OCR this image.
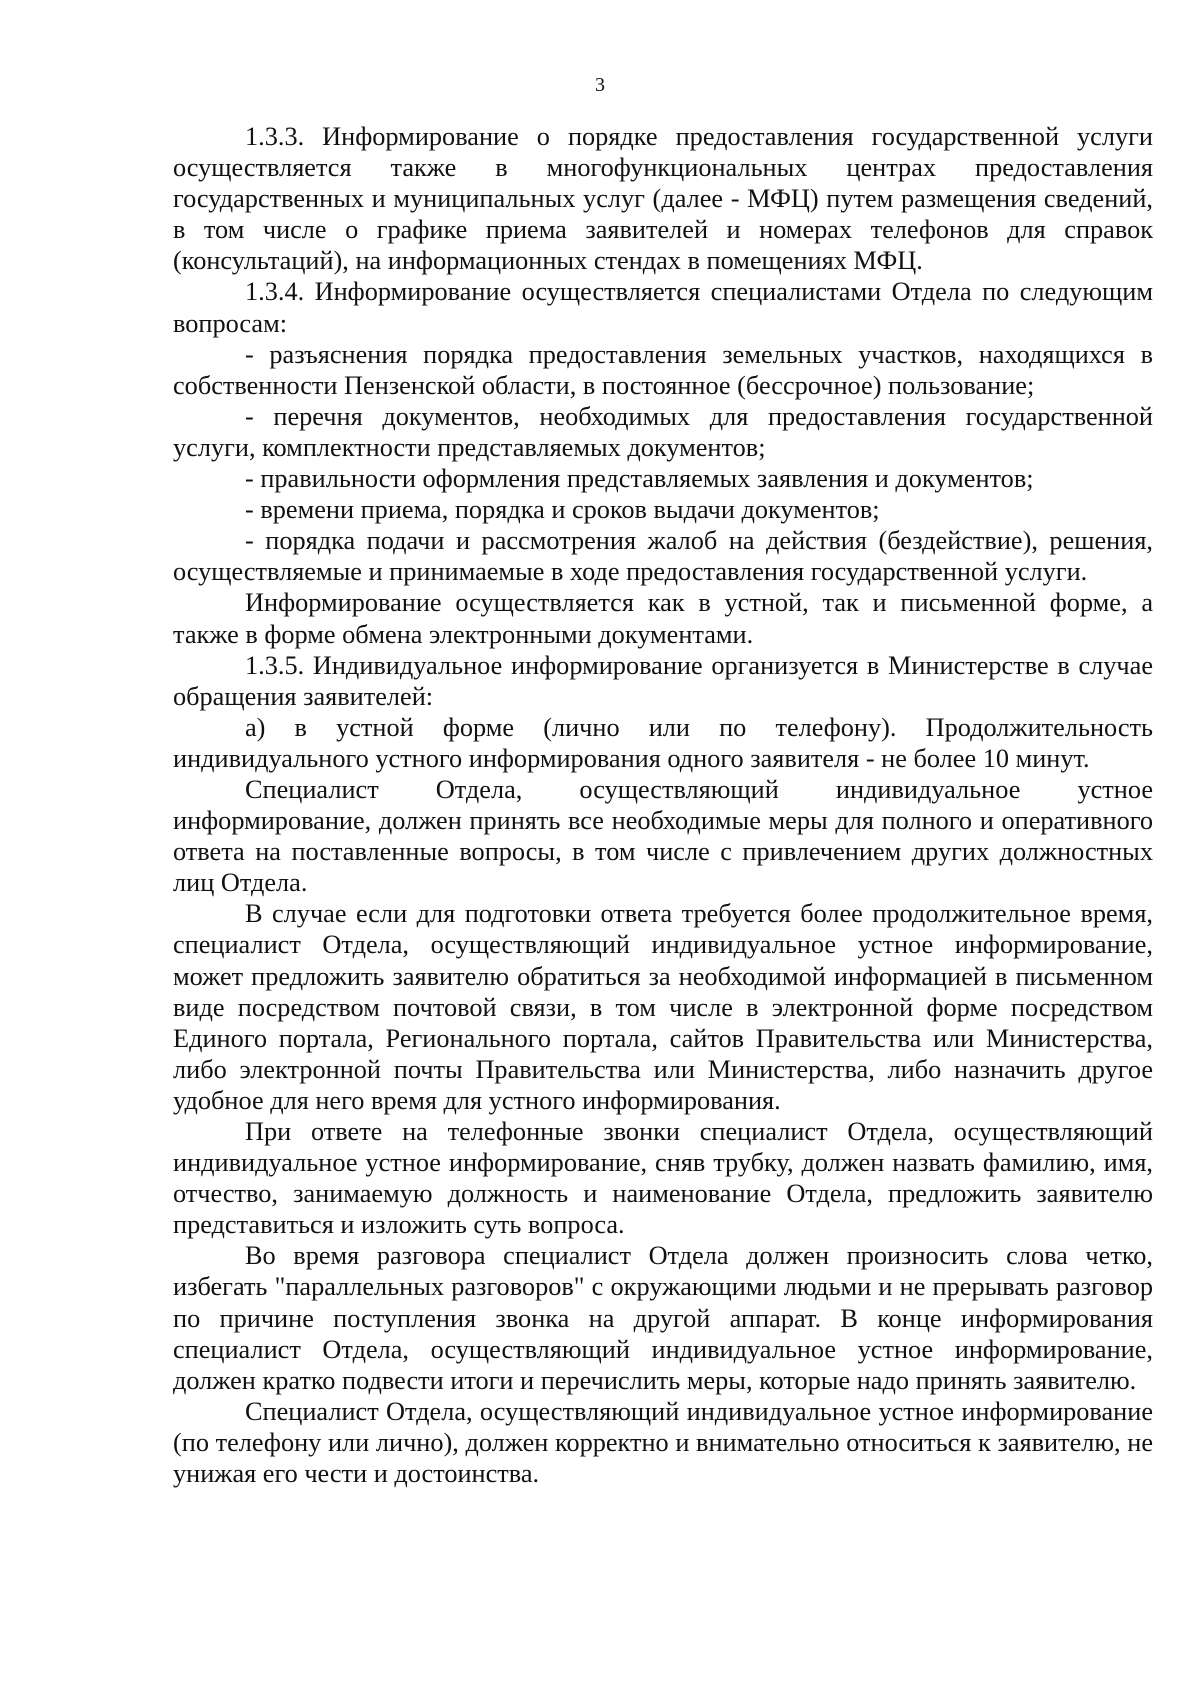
3

1.3.3. Информирование о порядке предоставления государственной услуги осуществляется также в многофункциональных центрах предоставления государственных и муниципальных услуг (далее - МФЦ) путем размещения сведений, в том числе о графике приема заявителей и номерах телефонов для справок (консультаций), на информационных стендах в помещениях МФЦ.

1.3.4. Информирование осуществляется специалистами Отдела по следующим вопросам:

- разъяснения порядка предоставления земельных участков, находящихся в собственности Пензенской области, в постоянное (бессрочное) пользование;

- перечня документов, необходимых для предоставления государственной услуги, комплектности представляемых документов;

- правильности оформления представляемых заявления и документов;

- времени приема, порядка и сроков выдачи документов;

- порядка подачи и рассмотрения жалоб на действия (бездействие), решения, осуществляемые и принимаемые в ходе предоставления государственной услуги.

Информирование осуществляется как в устной, так и письменной форме, а также в форме обмена электронными документами.

1.3.5. Индивидуальное информирование организуется в Министерстве в случае обращения заявителей:

а) в устной форме (лично или по телефону). Продолжительность индивидуального устного информирования одного заявителя - не более 10 минут.

Специалист Отдела, осуществляющий индивидуальное устное информирование, должен принять все необходимые меры для полного и оперативного ответа на поставленные вопросы, в том числе с привлечением других должностных лиц Отдела.

В случае если для подготовки ответа требуется более продолжительное время, специалист Отдела, осуществляющий индивидуальное устное информирование, может предложить заявителю обратиться за необходимой информацией в письменном виде посредством почтовой связи, в том числе в электронной форме посредством Единого портала, Регионального портала, сайтов Правительства или Министерства, либо электронной почты Правительства или Министерства, либо назначить другое удобное для него время для устного информирования.

При ответе на телефонные звонки специалист Отдела, осуществляющий индивидуальное устное информирование, сняв трубку, должен назвать фамилию, имя, отчество, занимаемую должность и наименование Отдела, предложить заявителю представиться и изложить суть вопроса.

Во время разговора специалист Отдела должен произносить слова четко, избегать "параллельных разговоров" с окружающими людьми и не прерывать разговор по причине поступления звонка на другой аппарат. В конце информирования специалист Отдела, осуществляющий индивидуальное устное информирование, должен кратко подвести итоги и перечислить меры, которые надо принять заявителю.

Специалист Отдела, осуществляющий индивидуальное устное информирование (по телефону или лично), должен корректно и внимательно относиться к заявителю, не унижая его чести и достоинства.
